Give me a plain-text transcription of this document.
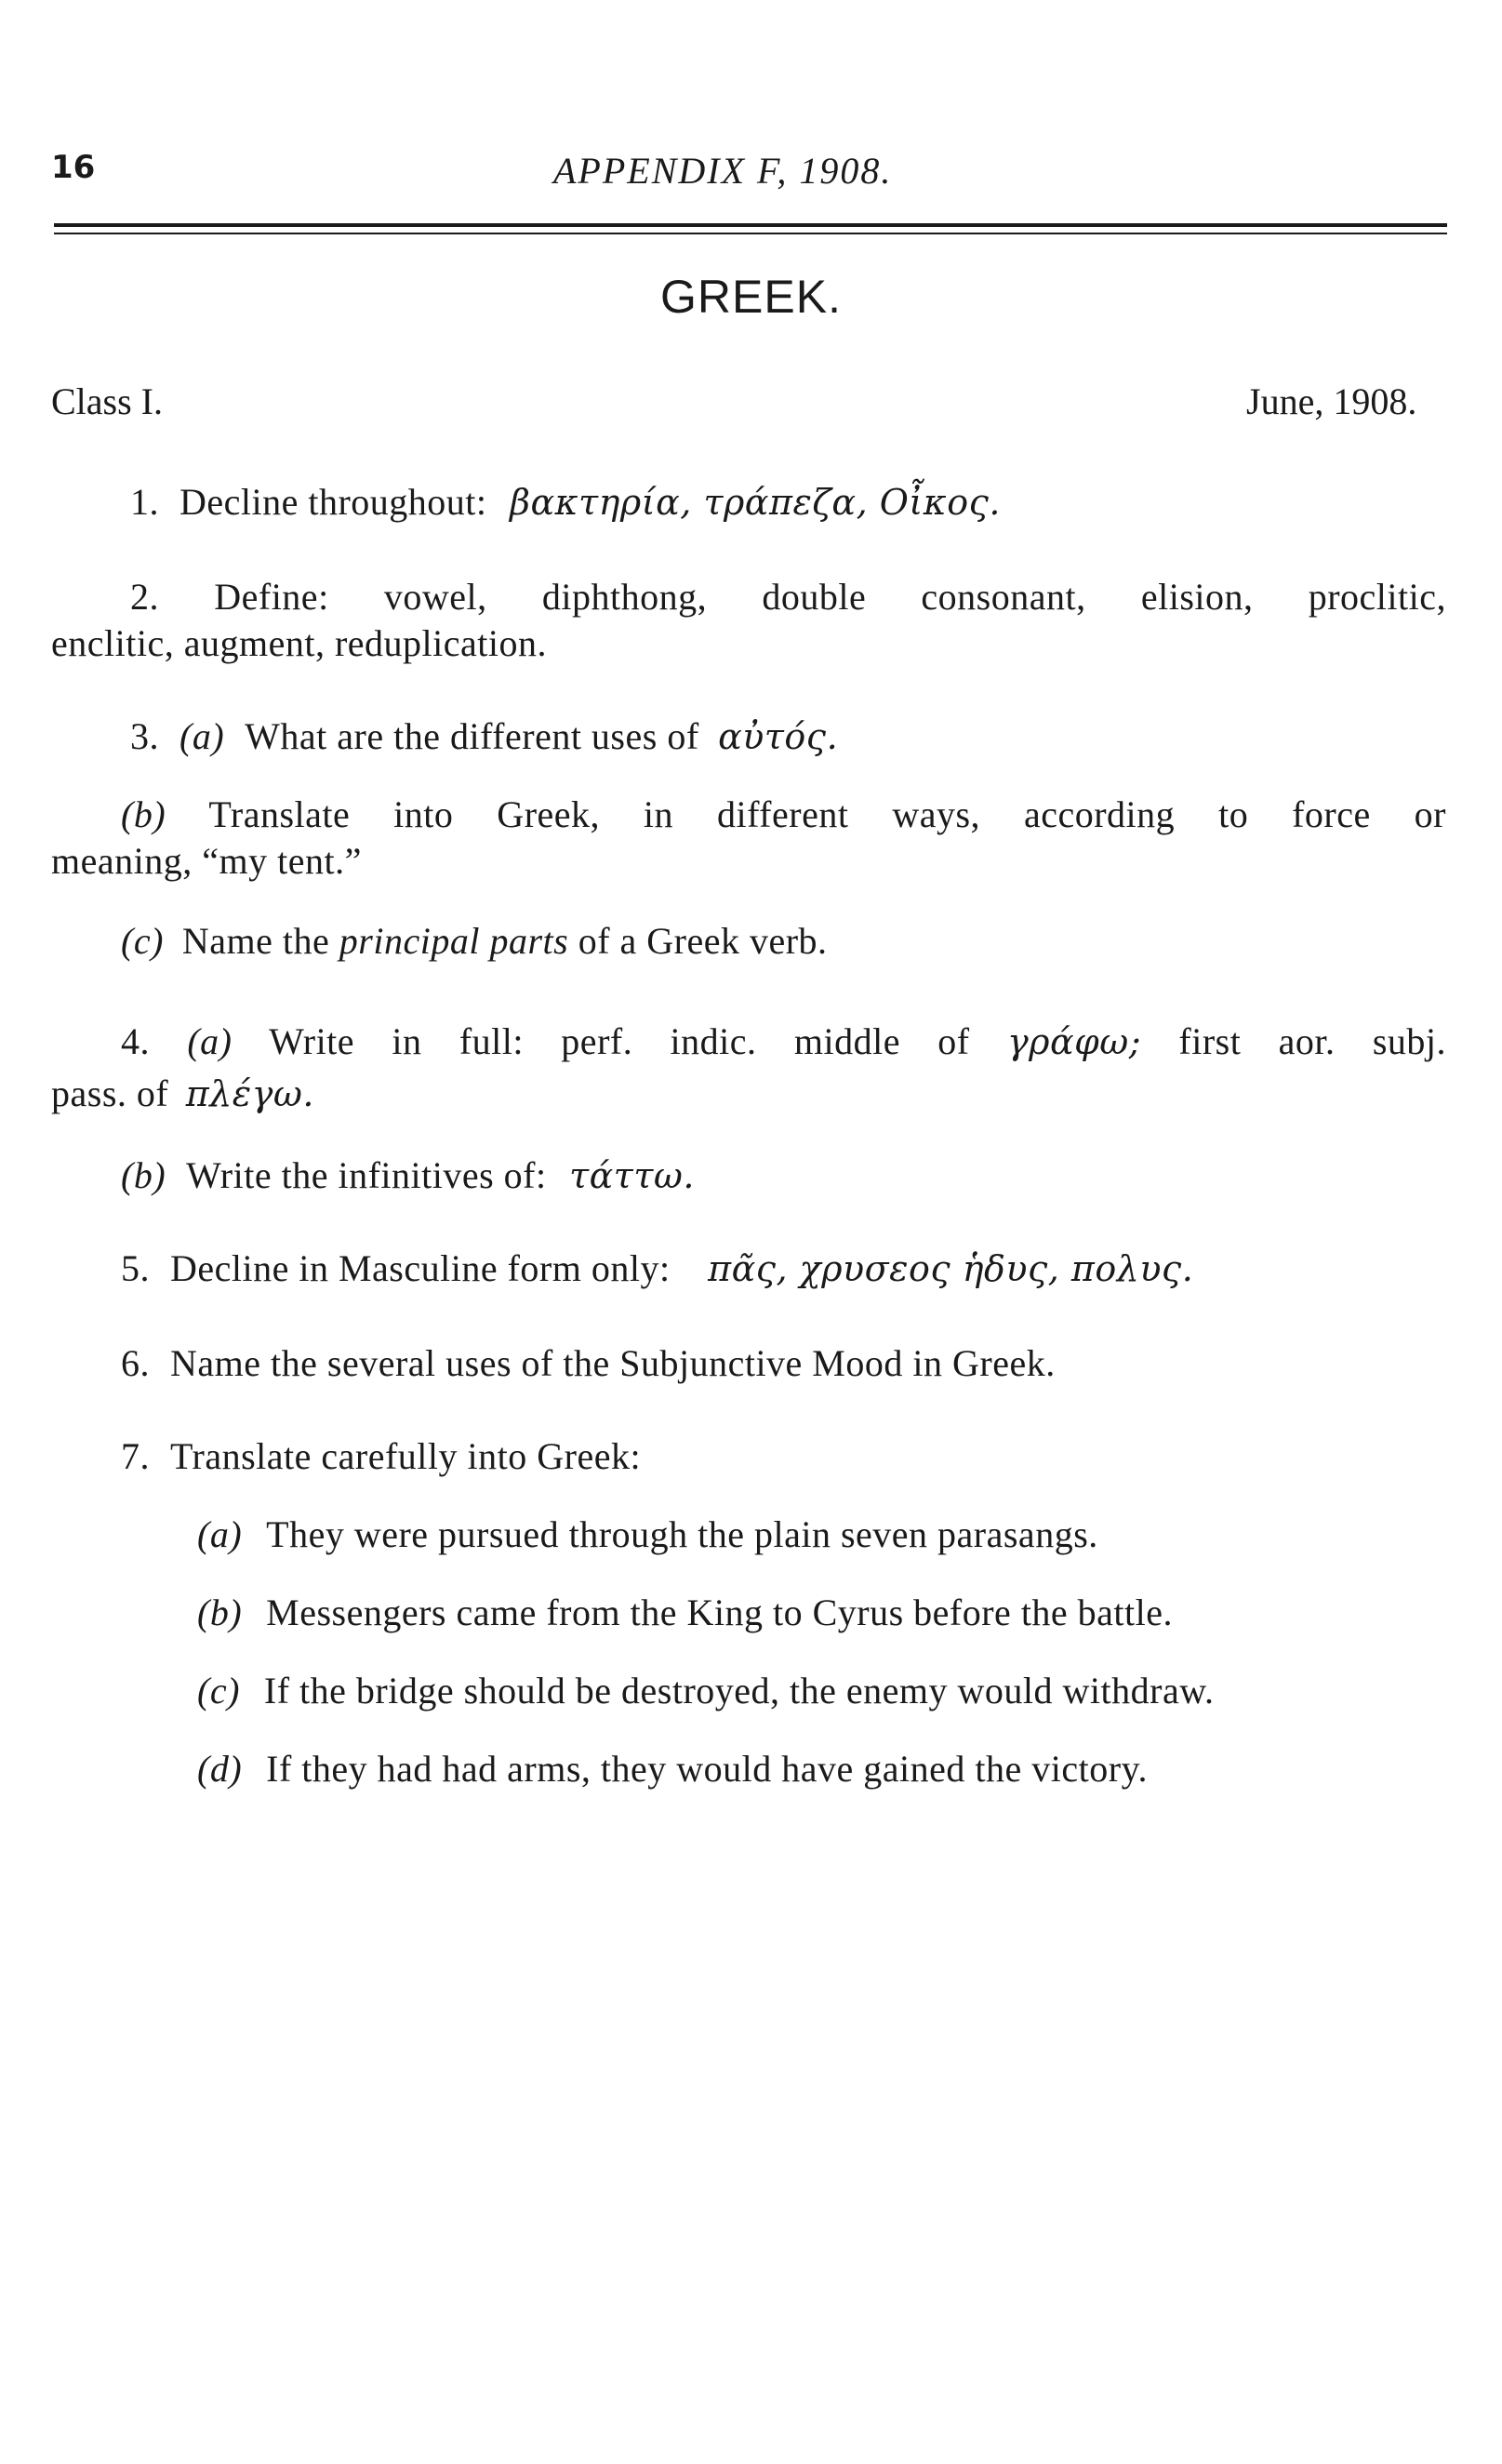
16	APPENDIX F, 1908.
GREEK.
Class I.	June, 1908.
1. Decline throughout: βακτηρία, τράπεζα, Οἶκος.
2. Define: vowel, diphthong, double consonant, elision, proclitic,
enclitic, augment, reduplication.
3. (a) What are the different uses of αὐτός.
(b) Translate into Greek, in different ways, according to force or
meaning, “my tent.”
(c) Name the principal parts of a Greek verb.
4. (a) Write in full: perf. indic. middle of γράφω; first aor. subj.
pass. of πλέγω.
(b) Write the infinitives of: τάττω.
5. Decline in Masculine form only: πᾶς, χρυσεος ἡδυς, πολυς.
6. Name the several uses of the Subjunctive Mood in Greek.
7. Translate carefully into Greek:
(a) They were pursued through the plain seven parasangs.
(b) Messengers came from the King to Cyrus before the battle.
(c) If the bridge should be destroyed, the enemy would withdraw.
(d) If they had had arms, they would have gained the victory.
